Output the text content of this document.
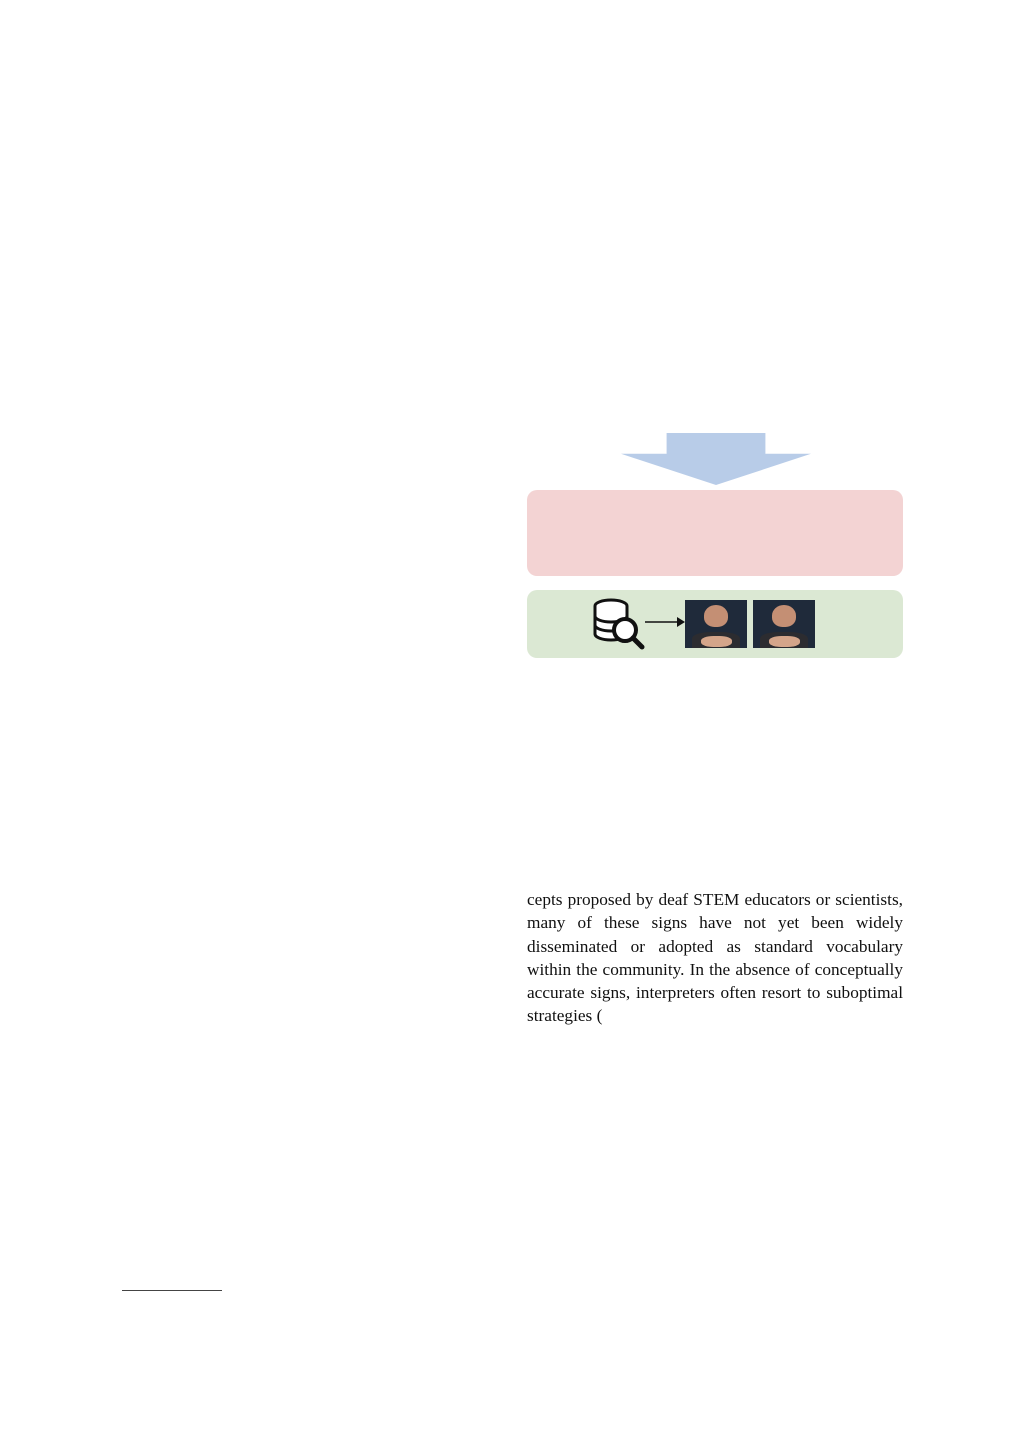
cepts proposed by deaf STEM educators or scientists, many of these signs have not yet been widely disseminated or adopted as standard vocabulary within the community. In the absence of conceptually accurate signs, interpreters often resort to suboptimal strategies (
